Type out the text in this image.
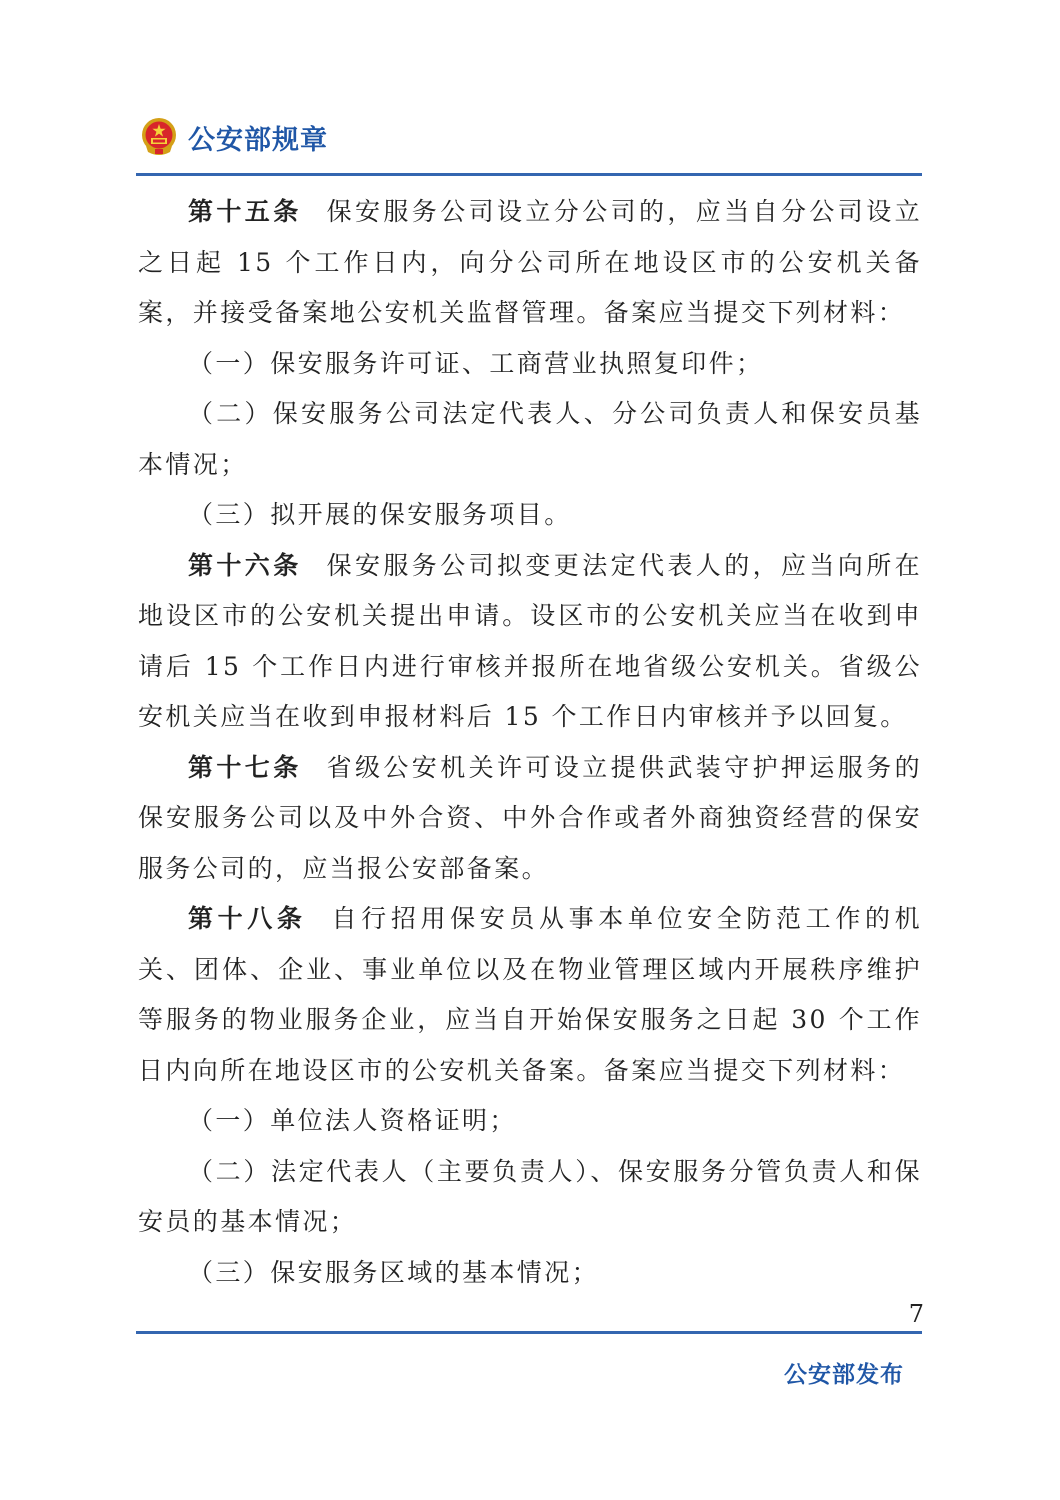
公安部规章

第十五条 保安服务公司设立分公司的，应当自分公司设立之日起 15 个工作日内，向分公司所在地设区市的公安机关备案，并接受备案地公安机关监督管理。备案应当提交下列材料：

（一）保安服务许可证、工商营业执照复印件；

（二）保安服务公司法定代表人、分公司负责人和保安员基本情况；

（三）拟开展的保安服务项目。

第十六条 保安服务公司拟变更法定代表人的，应当向所在地设区市的公安机关提出申请。设区市的公安机关应当在收到申请后 15 个工作日内进行审核并报所在地省级公安机关。省级公安机关应当在收到申报材料后 15 个工作日内审核并予以回复。

第十七条 省级公安机关许可设立提供武装守护押运服务的保安服务公司以及中外合资、中外合作或者外商独资经营的保安服务公司的，应当报公安部备案。

第十八条 自行招用保安员从事本单位安全防范工作的机关、团体、企业、事业单位以及在物业管理区域内开展秩序维护等服务的物业服务企业，应当自开始保安服务之日起 30 个工作日内向所在地设区市的公安机关备案。备案应当提交下列材料：

（一）单位法人资格证明；

（二）法定代表人（主要负责人）、保安服务分管负责人和保安员的基本情况；

（三）保安服务区域的基本情况；

7
公安部发布
